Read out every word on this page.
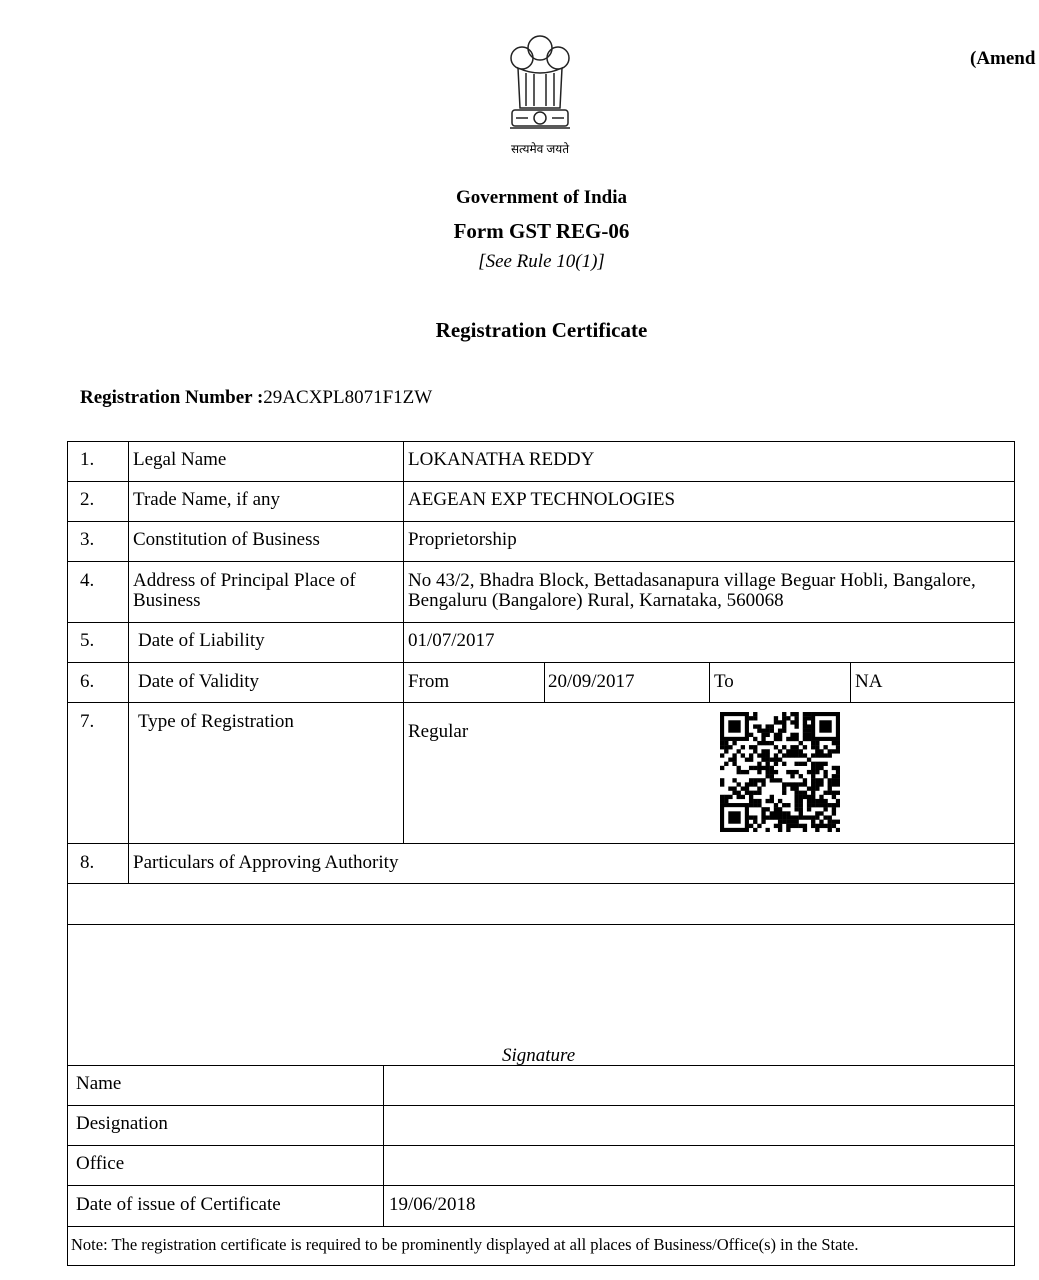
(Amend
सत्यमेव जयते
Government of India
Form GST REG-06
[See Rule 10(1)]
Registration Certificate
Registration Number :29ACXPL8071F1ZW
1. Legal Name	LOKANATHA REDDY
2. Trade Name, if any	AEGEAN EXP TECHNOLOGIES
3. Constitution of Business	Proprietorship
4. Address of Principal Place of Business
No 43/2, Bhadra Block, Bettadasanapura village Beguar Hobli, Bangalore, Bengaluru (Bangalore) Rural, Karnataka, 560068
5. Date of Liability	01/07/2017
6. Date of Validity	From	20/09/2017	To	NA
7. Type of Registration	Regular
8. Particulars of Approving Authority
Signature
Name
Designation
Office
Date of issue of Certificate	19/06/2018
Note: The registration certificate is required to be prominently displayed at all places of Business/Office(s) in the State.
